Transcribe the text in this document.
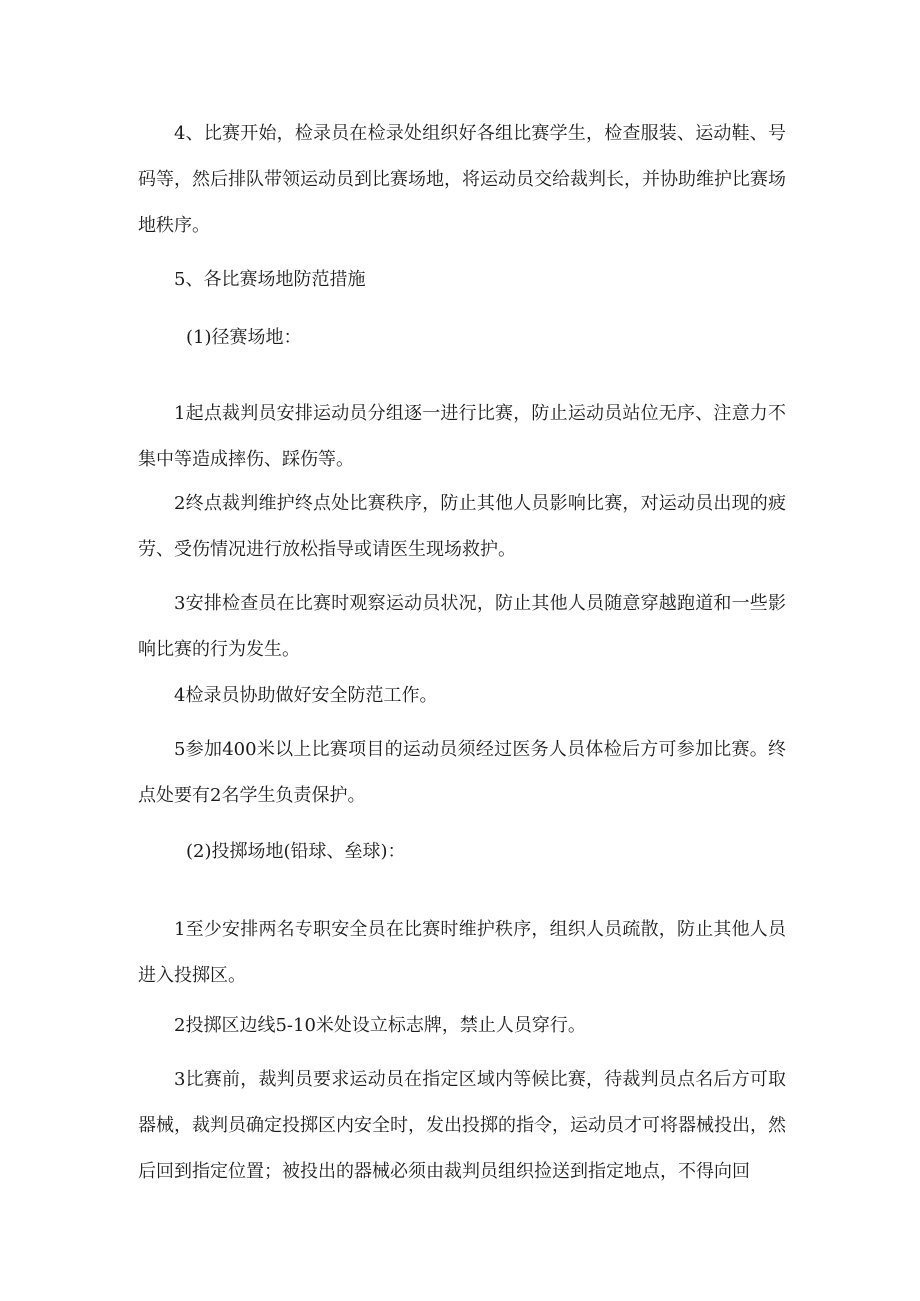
4、比赛开始，检录员在检录处组织好各组比赛学生，检查服装、运动鞋、号码等，然后排队带领运动员到比赛场地，将运动员交给裁判长，并协助维护比赛场地秩序。

5、各比赛场地防范措施

(1)径赛场地：

1起点裁判员安排运动员分组逐一进行比赛，防止运动员站位无序、注意力不集中等造成摔伤、踩伤等。

2终点裁判维护终点处比赛秩序，防止其他人员影响比赛，对运动员出现的疲劳、受伤情况进行放松指导或请医生现场救护。

3安排检查员在比赛时观察运动员状况，防止其他人员随意穿越跑道和一些影响比赛的行为发生。

4检录员协助做好安全防范工作。

5参加400米以上比赛项目的运动员须经过医务人员体检后方可参加比赛。终点处要有2名学生负责保护。

(2)投掷场地(铅球、垒球)：

1至少安排两名专职安全员在比赛时维护秩序，组织人员疏散，防止其他人员进入投掷区。

2投掷区边线5-10米处设立标志牌，禁止人员穿行。

3比赛前，裁判员要求运动员在指定区域内等候比赛，待裁判员点名后方可取器械，裁判员确定投掷区内安全时，发出投掷的指令，运动员才可将器械投出，然后回到指定位置；被投出的器械必须由裁判员组织捡送到指定地点，不得向回
